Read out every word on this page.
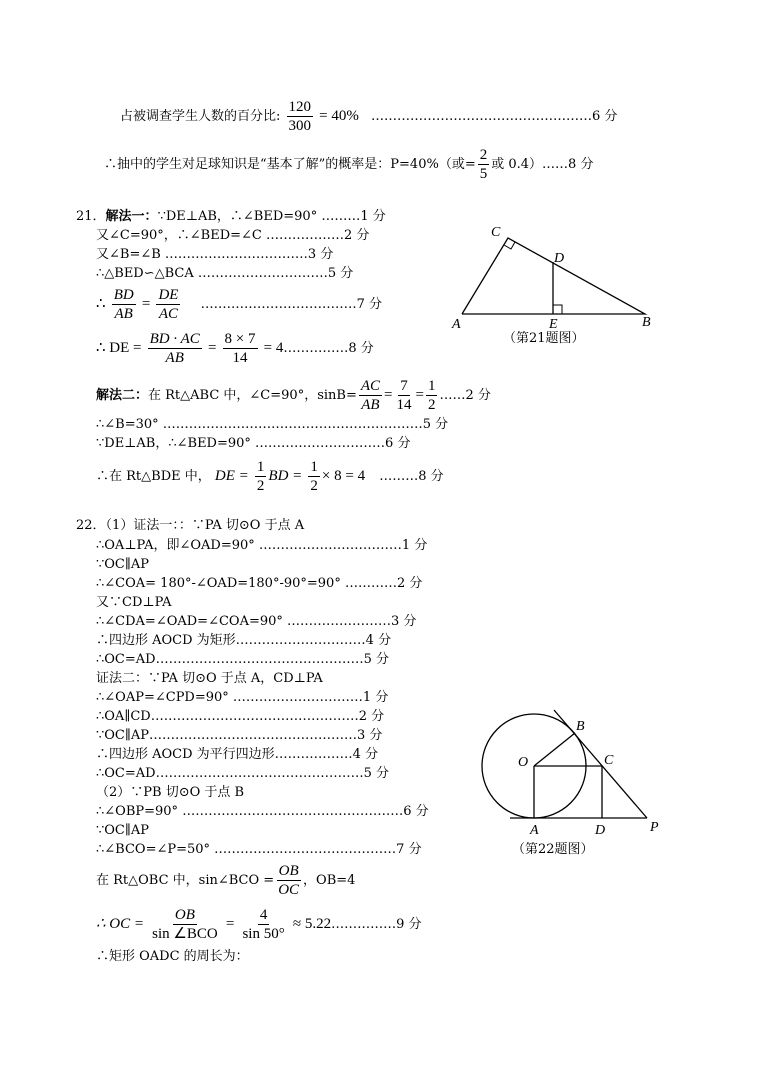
占被调查学生人数的百分比: $\frac{120}{300} = 40\%$ ……………………………………………6 分
∴抽中的学生对足球知识是“基本了解”的概率是：P=40%（或= $\frac{2}{5}$ 或 0.4）……8 分
21．解法一：∵DE⊥AB，∴∠BED=90° ………1 分
又∠C=90°，∴∠BED=∠C ………………2 分
又∠B=∠B ……………………………3 分
∴△BED∽△BCA …………………………5 分
∴ $\frac{BD}{AB} = \frac{DE}{AC}$ ………………………………7 分
∴ DE = $\frac{BD \cdot AC}{AB} = \frac{8 \times 7}{14}$ = 4……………8 分
解法二：在 Rt△ABC 中，∠C=90°，$\sin B= \frac{AC}{AB} = \frac{7}{14} = \frac{1}{2}$ ……2 分
∴∠B=30° ……………………………………………………5 分
∵DE⊥AB，∴∠BED=90° …………………………6 分
∴在 Rt△BDE 中， DE = $\frac{1}{2}$ BD = $\frac{1}{2} \times 8 = 4$ ………8 分
C
D
A	E	B
（第21题图）
22．（1）证法一：：∵PA 切⊙O 于点 A
∴OA⊥PA，即∠OAD=90° ……………………………1 分
∵OC∥AP
∴∠COA= 180°-∠OAD=180°-90°=90° …………2 分
又∵CD⊥PA
∴∠CDA=∠OAD=∠COA=90° ……………………3 分
∴四边形 AOCD 为矩形…………………………4 分
∴OC=AD…………………………………………5 分
证法二：∵PA 切⊙O 于点 A，CD⊥PA
∴∠OAP=∠CPD=90° …………………………1 分
∴OA∥CD…………………………………………2 分
∵OC∥AP…………………………………………3 分
∴四边形 AOCD 为平行四边形………………4 分
∴OC=AD…………………………………………5 分
（2）∵PB 切⊙O 于点 B
∴∠OBP=90° ……………………………………………6 分
∵OC∥AP
∴∠BCO=∠P=50° ……………………………………7 分
在 Rt△OBC 中，sin∠BCO = $\frac{OB}{OC}$ ，OB=4
∴ OC = $\frac{OB}{\text{sin ∠BCO}} = \frac{4}{\sin 50^\circ}$ ≈ 5.22……………9 分
∴矩形 OADC 的周长为：
B
O	C
A	D	P
（第22题图）
